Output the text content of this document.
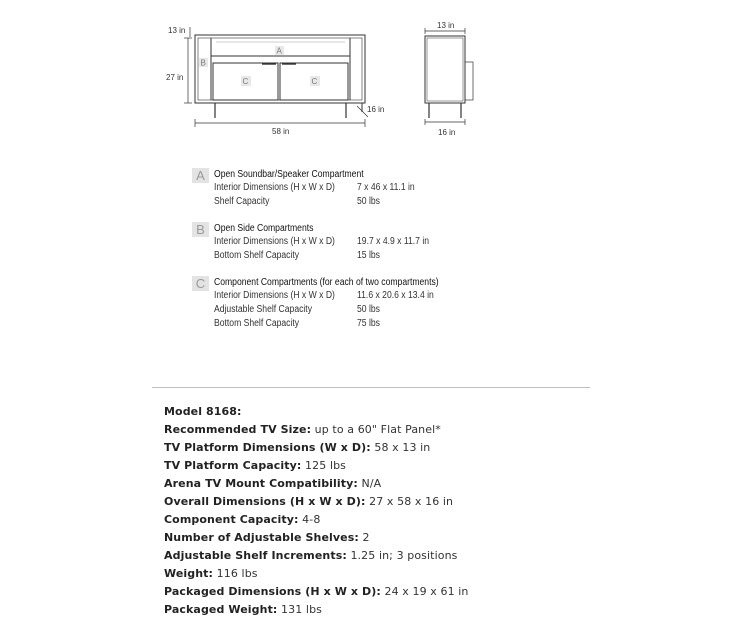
A
B
C	C
13 in
27 in
58 in
16 in
13 in
16 in
A Open Soundbar/Speaker Compartment
Interior Dimensions (H x W x D) 7 x 46 x 11.1 in
Shelf Capacity	50 lbs
B Open Side Compartments
Interior Dimensions (H x W x D) 19.7 x 4.9 x 11.7 in
Bottom Shelf Capacity	15 lbs
C Component Compartments (for each of two compartments)
Interior Dimensions (H x W x D) 11.6 x 20.6 x 13.4 in
Adjustable Shelf Capacity	50 lbs
Bottom Shelf Capacity	75 lbs
Model 8168:
Recommended TV Size: up to a 60" Flat Panel*
TV Platform Dimensions (W x D): 58 x 13 in
TV Platform Capacity: 125 lbs
Arena TV Mount Compatibility: N/A
Overall Dimensions (H x W x D): 27 x 58 x 16 in
Component Capacity: 4-8
Number of Adjustable Shelves: 2
Adjustable Shelf Increments: 1.25 in; 3 positions
Weight: 116 lbs
Packaged Dimensions (H x W x D): 24 x 19 x 61 in
Packaged Weight: 131 lbs
